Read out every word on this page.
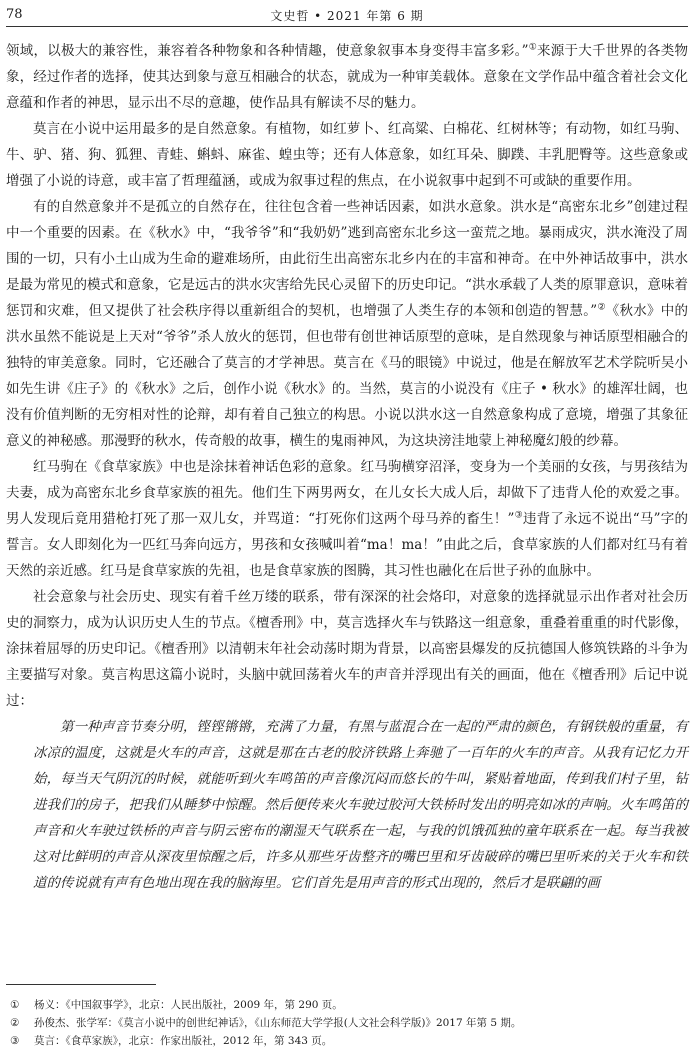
78	文史哲 • 2021 年第 6 期

领域，以极大的兼容性，兼容着各种物象和各种情趣，使意象叙事本身变得丰富多彩。”①来源于大千世界的各类物象，经过作者的选择，使其达到象与意互相融合的状态，就成为一种审美载体。意象在文学作品中蕴含着社会文化意蕴和作者的神思，显示出不尽的意趣，使作品具有解读不尽的魅力。

莫言在小说中运用最多的是自然意象。有植物，如红萝卜、红高粱、白棉花、红树林等；有动物，如红马驹、牛、驴、猪、狗、狐狸、青蛙、蝌蚪、麻雀、蝗虫等；还有人体意象，如红耳朵、脚蹼、丰乳肥臀等。这些意象或增强了小说的诗意，或丰富了哲理蕴涵，或成为叙事过程的焦点，在小说叙事中起到不可或缺的重要作用。

有的自然意象并不是孤立的自然存在，往往包含着一些神话因素，如洪水意象。洪水是“高密东北乡”创建过程中一个重要的因素。在《秋水》中，“我爷爷”和“我奶奶”逃到高密东北乡这一蛮荒之地。暴雨成灾，洪水淹没了周围的一切，只有小土山成为生命的避难场所，由此衍生出高密东北乡内在的丰富和神奇。在中外神话故事中，洪水是最为常见的模式和意象，它是远古的洪水灾害给先民心灵留下的历史印记。“洪水承载了人类的原罪意识，意味着惩罚和灾难，但又提供了社会秩序得以重新组合的契机，也增强了人类生存的本领和创造的智慧。”②《秋水》中的洪水虽然不能说是上天对“爷爷”杀人放火的惩罚，但也带有创世神话原型的意味，是自然现象与神话原型相融合的独特的审美意象。同时，它还融合了莫言的才学神思。莫言在《马的眼镜》中说过，他是在解放军艺术学院听吴小如先生讲《庄子》的《秋水》之后，创作小说《秋水》的。当然，莫言的小说没有《庄子 • 秋水》的雄浑壮阔，也没有价值判断的无穷相对性的论辩，却有着自己独立的构思。小说以洪水这一自然意象构成了意境，增强了其象征意义的神秘感。那漫野的秋水，传奇般的故事，横生的鬼雨神风，为这块滂洼地蒙上神秘魔幻般的纱幕。

红马驹在《食草家族》中也是涂抹着神话色彩的意象。红马驹横穿沼泽，变身为一个美丽的女孩，与男孩结为夫妻，成为高密东北乡食草家族的祖先。他们生下两男两女，在儿女长大成人后，却做下了违背人伦的欢爱之事。男人发现后竟用猎枪打死了那一双儿女，并骂道：“打死你们这两个母马养的畜生！”③违背了永远不说出“马”字的誓言。女人即刻化为一匹红马奔向远方，男孩和女孩喊叫着“ma！ma！”由此之后，食草家族的人们都对红马有着天然的亲近感。红马是食草家族的先祖，也是食草家族的图腾，其习性也融化在后世子孙的血脉中。

社会意象与社会历史、现实有着千丝万缕的联系，带有深深的社会烙印，对意象的选择就显示出作者对社会历史的洞察力，成为认识历史人生的节点。《檀香刑》中，莫言选择火车与铁路这一组意象，重叠着重重的时代影像，涂抹着屈辱的历史印记。《檀香刑》以清朝末年社会动荡时期为背景，以高密县爆发的反抗德国人修筑铁路的斗争为主要描写对象。莫言构思这篇小说时，头脑中就回荡着火车的声音并浮现出有关的画面，他在《檀香刑》后记中说过：

第一种声音节奏分明，铿铿锵锵，充满了力量，有黑与蓝混合在一起的严肃的颜色，有钢铁般的重量，有冰凉的温度，这就是火车的声音，这就是那在古老的胶济铁路上奔驰了一百年的火车的声音。从我有记忆力开始，每当天气阴沉的时候，就能听到火车鸣笛的声音像沉闷而悠长的牛叫，紧贴着地面，传到我们村子里，钻进我们的房子，把我们从睡梦中惊醒。然后便传来火车驶过胶河大铁桥时发出的明亮如冰的声响。火车鸣笛的声音和火车驶过铁桥的声音与阴云密布的潮湿天气联系在一起，与我的饥饿孤独的童年联系在一起。每当我被这对比鲜明的声音从深夜里惊醒之后，许多从那些牙齿整齐的嘴巴里和牙齿破碎的嘴巴里听来的关于火车和铁道的传说就有声有色地出现在我的脑海里。它们首先是用声音的形式出现的，然后才是联翩的画

① 杨义：《中国叙事学》，北京：人民出版社，2009 年，第 290 页。
② 孙俊杰、张学军：《莫言小说中的创世纪神话》，《山东师范大学学报(人文社会科学版)》2017 年第 5 期。
③ 莫言：《食草家族》，北京：作家出版社，2012 年，第 343 页。
